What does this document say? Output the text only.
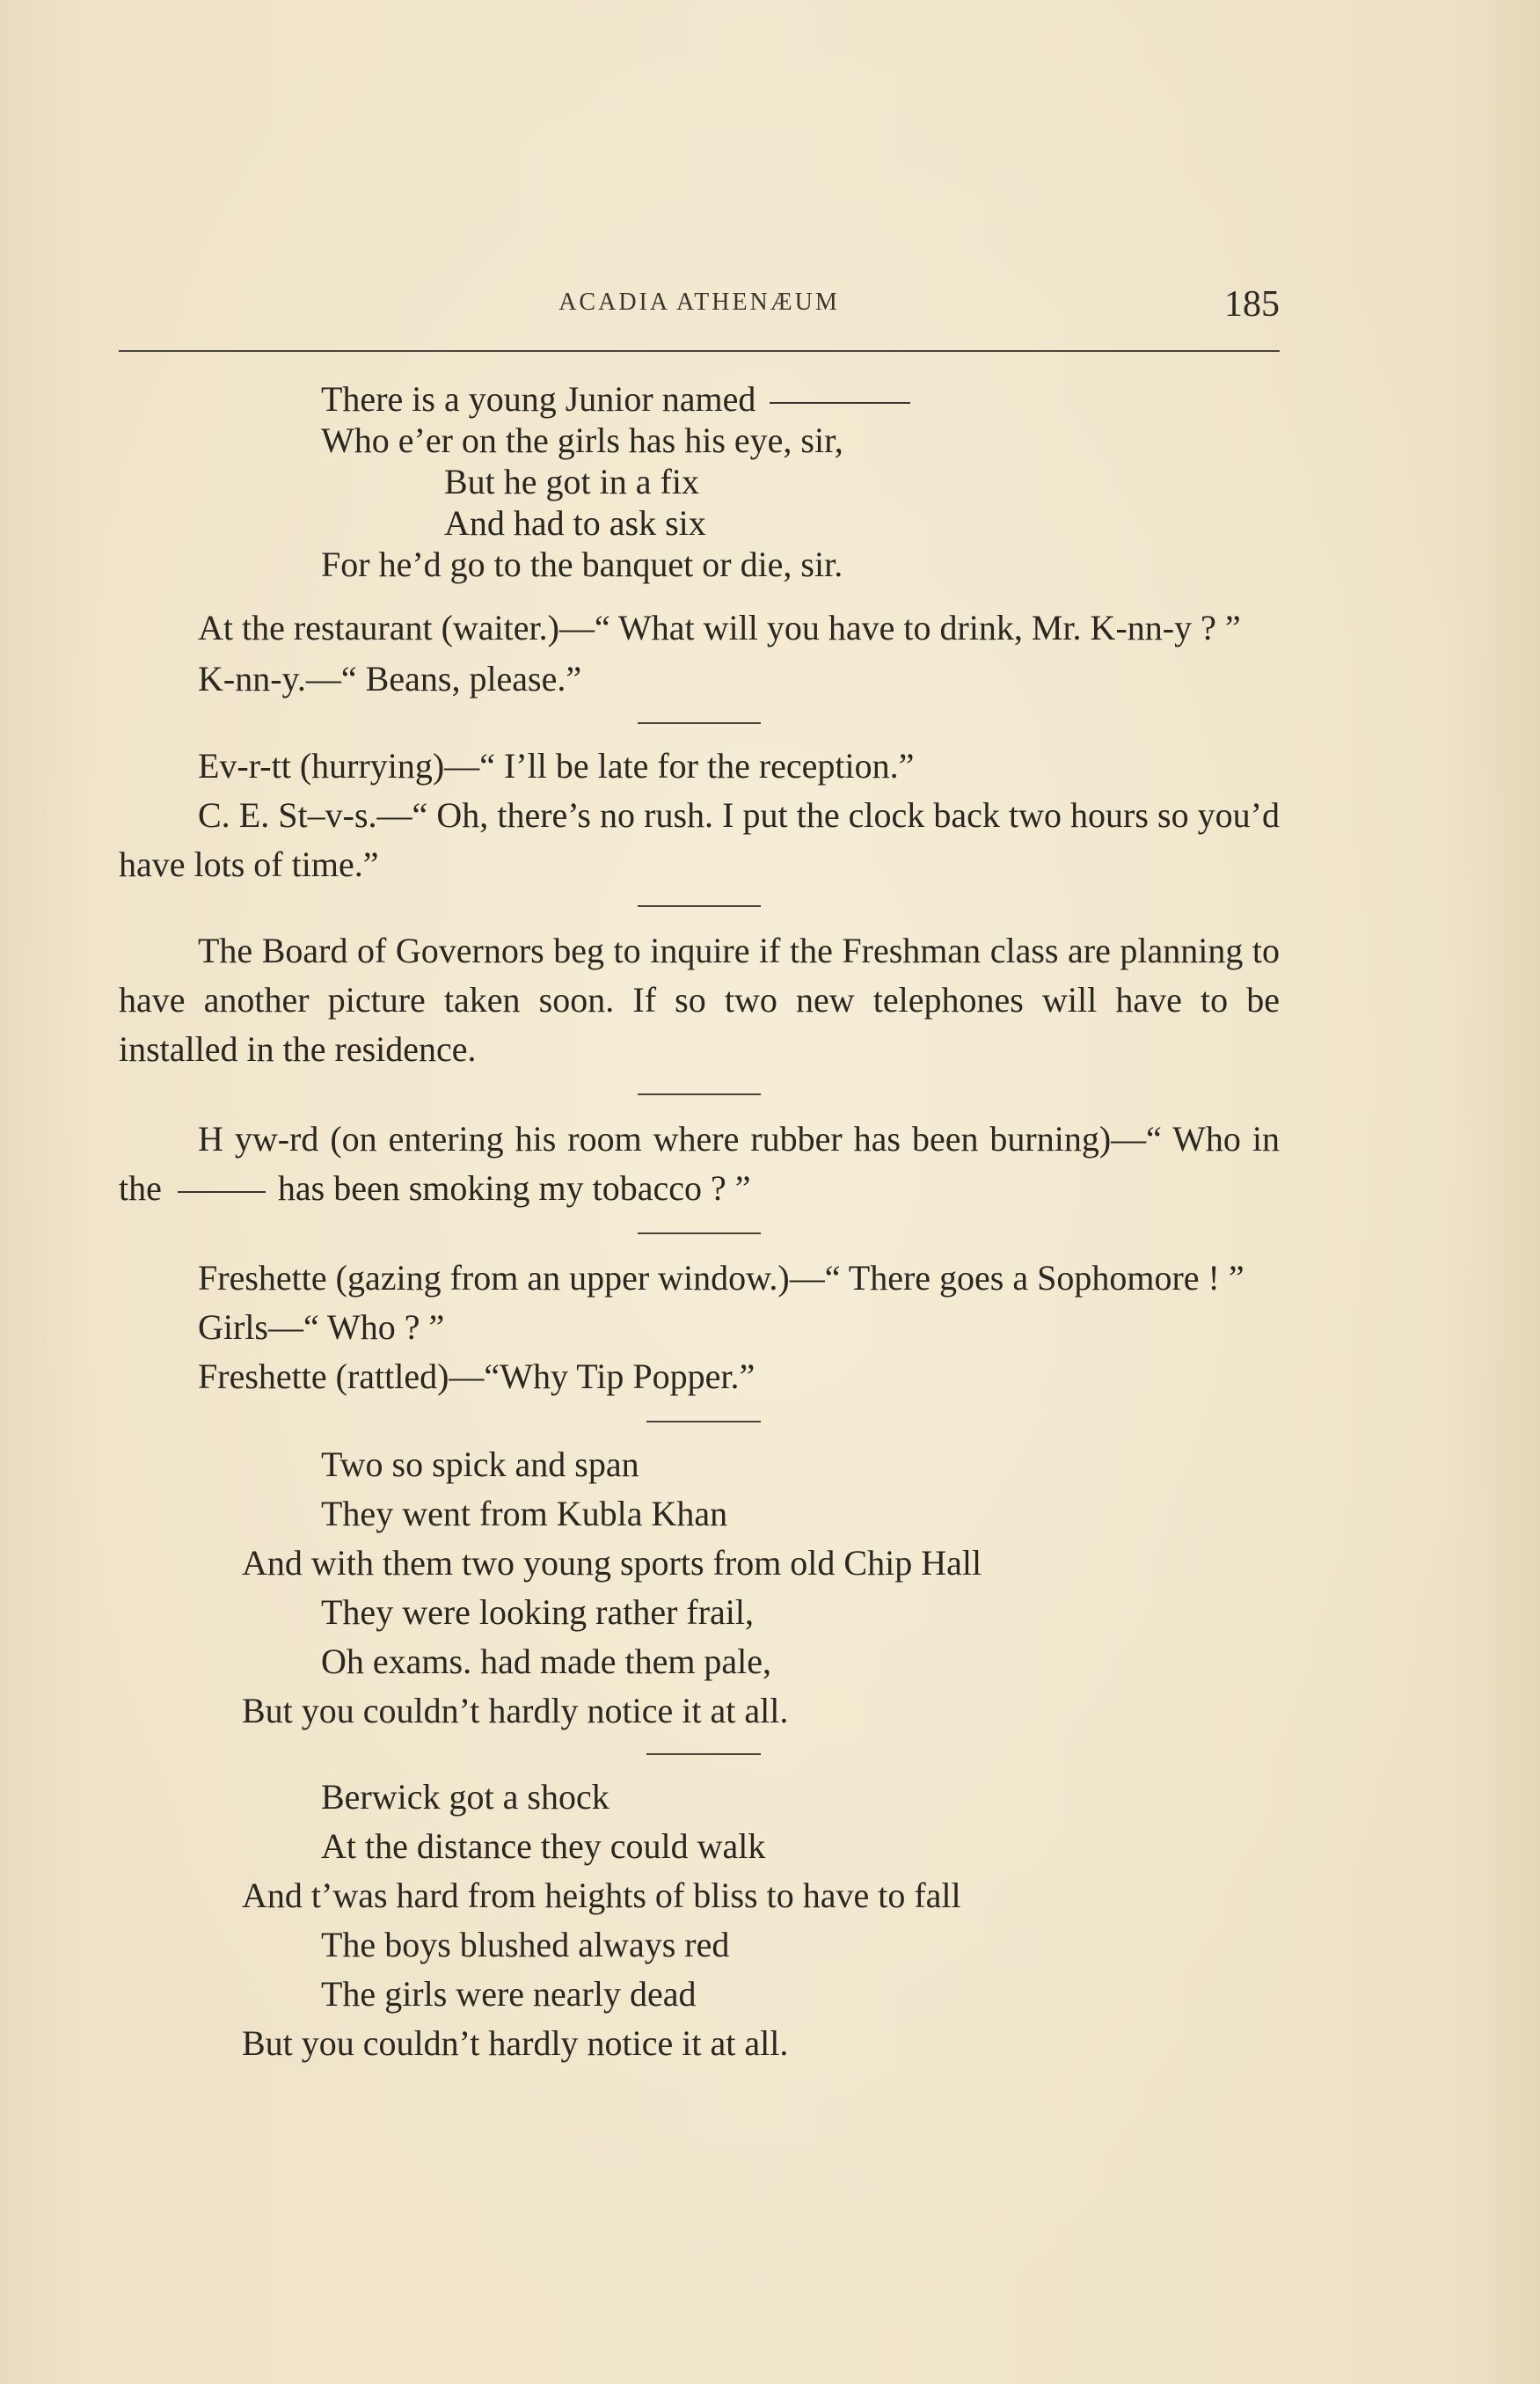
ACADIA ATHENÆUM	185
There is a young Junior named
Who e’er on the girls has his eye, sir,
But he got in a fix
And had to ask six
For he’d go to the banquet or die, sir.

At the restaurant (waiter.)—“ What will you have to drink, Mr. K-nn-y ? ”

K-nn-y.—“ Beans, please.”

Ev-r-tt (hurrying)—“ I’ll be late for the reception.”

C. E. St–v-s.—“ Oh, there’s no rush. I put the clock back two hours so you’d have lots of time.”

The Board of Governors beg to inquire if the Freshman class are planning to have another picture taken soon. If so two new telephones will have to be installed in the residence.

H yw-rd (on entering his room where rubber has been burning)—“ Who in the	has been smoking my tobacco ? ”

Freshette (gazing from an upper window.)—“ There goes a Sophomore ! ”

Girls—“ Who ? ”

Freshette (rattled)—“Why Tip Popper.”

Two so spick and span
They went from Kubla Khan
And with them two young sports from old Chip Hall
They were looking rather frail,
Oh exams. had made them pale,
But you couldn’t hardly notice it at all.
Berwick got a shock
At the distance they could walk
And t’was hard from heights of bliss to have to fall
The boys blushed always red
The girls were nearly dead
But you couldn’t hardly notice it at all.
